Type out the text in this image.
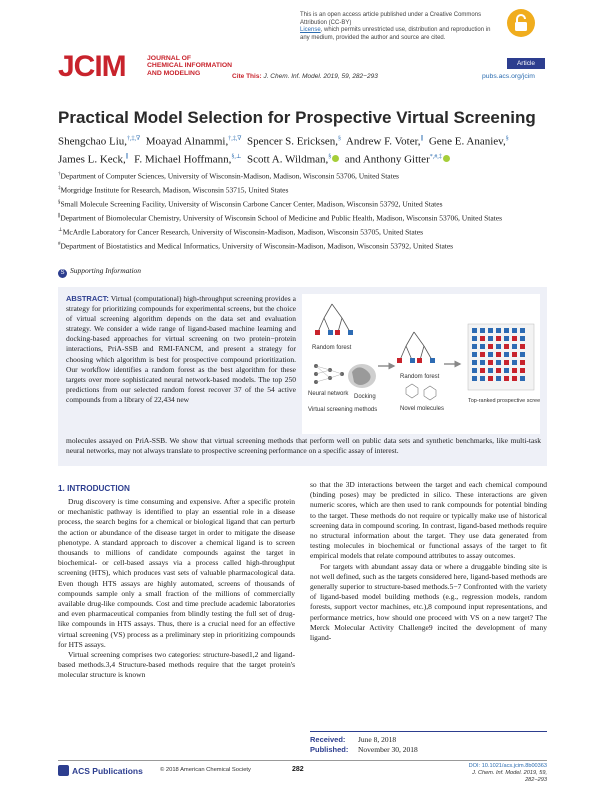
This is an open access article published under a Creative Commons Attribution (CC-BY)
License, which permits unrestricted use, distribution and reproduction in any medium, provided the author and source are cited.
Article
JCIM	JOURNAL OF
CHEMICAL INFORMATION
AND MODELING	Cite This: J. Chem. Inf. Model. 2019, 59, 282−293	pubs.acs.org/jcim
Practical Model Selection for Prospective Virtual Screening
Shengchao Liu,†,‡,∇ Moayad Alnammi,†,‡,∇ Spencer S. Ericksen,§ Andrew F. Voter,∥ Gene E. Ananiev,§
James L. Keck,∥ F. Michael Hoffmann,§,⊥ Scott A. Wildman,§ and Anthony Gitter*,#,‡
†Department of Computer Sciences, University of Wisconsin-Madison, Madison, Wisconsin 53706, United States
‡Morgridge Institute for Research, Madison, Wisconsin 53715, United States
§Small Molecule Screening Facility, University of Wisconsin Carbone Cancer Center, Madison, Wisconsin 53792, United States
∥Department of Biomolecular Chemistry, University of Wisconsin School of Medicine and Public Health, Madison, Wisconsin 53706, United States
⊥McArdle Laboratory for Cancer Research, University of Wisconsin-Madison, Madison, Wisconsin 53705, United States
#Department of Biostatistics and Medical Informatics, University of Wisconsin-Madison, Madison, Wisconsin 53792, United States
S Supporting Information
ABSTRACT: Virtual (computational) high-throughput screening provides a strategy for prioritizing compounds for experimental screens, but the choice of virtual screening algorithm depends on the data set and evaluation strategy. We consider a wide range of ligand-based machine learning and docking-based approaches for virtual screening on two protein−protein interactions, PriA-SSB and RMI-FANCM, and present a strategy for choosing which algorithm is best for prospective compound prioritization. Our workflow identifies a random forest as the best algorithm for these targets over more sophisticated neural network-based models. The top 250 predictions from our selected random forest recover 37 of the 54 active compounds from a library of 22,434 new
molecules assayed on PriA-SSB. We show that virtual screening methods that perform well on public data sets and synthetic benchmarks, like multi-task neural networks, may not always translate to prospective screening performance on a specific assay of interest.
Random forest
Neural network Docking
Virtual screening methods
Random forest
Novel molecules
Top-ranked prospective screen
1. INTRODUCTION

Drug discovery is time consuming and expensive. After a specific protein or mechanistic pathway is identified to play an essential role in a disease process, the search begins for a chemical or biological ligand that can perturb the action or abundance of the disease target in order to mitigate the disease phenotype. A standard approach to discover a chemical ligand is to screen thousands to millions of candidate compounds against the target in biochemical- or cell-based assays via a process called high-throughput screening (HTS), which produces vast sets of valuable pharmacological data. Even though HTS assays are highly automated, screens of thousands of compounds sample only a small fraction of the millions of commercially available drug-like compounds. Cost and time preclude academic laboratories and even pharmaceutical companies from blindly testing the full set of drug-like compounds in HTS assays. Thus, there is a crucial need for an effective virtual screening (VS) process as a preliminary step in prioritizing compounds for HTS assays.

Virtual screening comprises two categories: structure-based1,2 and ligand-based methods.3,4 Structure-based methods require that the target protein's molecular structure is known

so that the 3D interactions between the target and each chemical compound (binding poses) may be predicted in silico. These interactions are given numeric scores, which are then used to rank compounds for potential binding to the target. These methods do not require or typically make use of historical screening data in compound scoring. In contrast, ligand-based methods require no structural information about the target. They use data generated from testing molecules in biochemical or functional assays of the target to fit empirical models that relate compound attributes to assay outcomes.

For targets with abundant assay data or where a druggable binding site is not well defined, such as the targets considered here, ligand-based methods are generally superior to structure-based methods.5−7 Confronted with the variety of ligand-based model building methods (e.g., regression models, random forests, support vector machines, etc.),8 compound input representations, and performance metrics, how should one proceed with VS on a new target? The Merck Molecular Activity Challenge9 incited the development of many ligand-

Received: June 8, 2018
Published: November 30, 2018
ACS Publications	© 2018 American Chemical Society	282	DOI: 10.1021/acs.jcim.8b00363
J. Chem. Inf. Model. 2019, 59, 282−293
